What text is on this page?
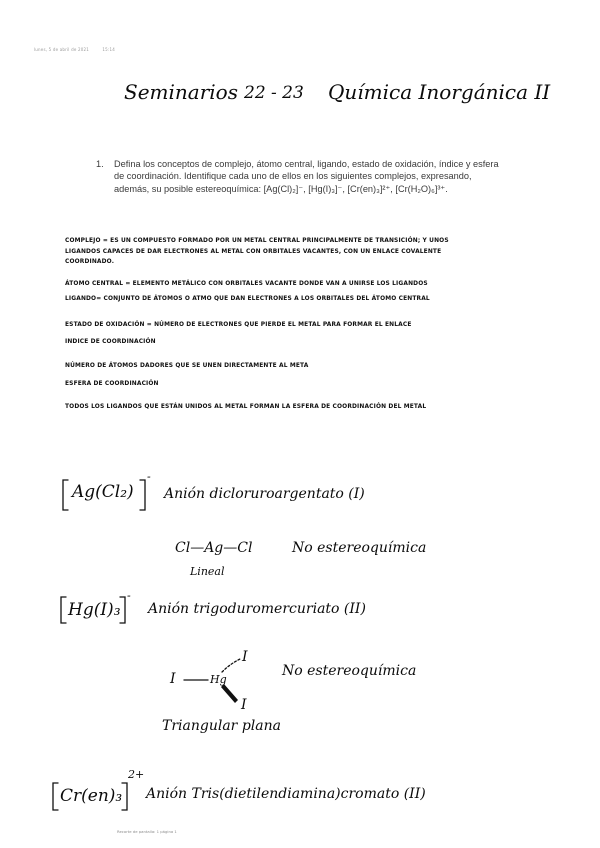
lunes, 5 de abril de 2021	15:14
Seminarios 22 - 23 Química Inorgánica II
1. Defina los conceptos de complejo, átomo central, ligando, estado de oxidación, índice y esfera de coordinación. Identifique cada uno de ellos en los siguientes complejos, expresando, además, su posible estereoquímica: [Ag(Cl)₂]⁻, [Hg(I)₃]⁻, [Cr(en)₃]²⁺, [Cr(H₂O)₆]³⁺.
COMPLEJO = ES UN COMPUESTO FORMADO POR UN METAL CENTRAL PRINCIPALMENTE DE TRANSICIÓN; Y UNOS LIGANDOS CAPACES DE DAR ELECTRONES AL METAL CON ORBITALES VACANTES, CON UN ENLACE COVALENTE COORDINADO.
ÁTOMO CENTRAL = ELEMENTO METÁLICO CON ORBITALES VACANTE DONDE VAN A UNIRSE LOS LIGANDOS
LIGANDO= CONJUNTO DE ÁTOMOS O ATMO QUE DAN ELECTRONES A LOS ORBITALES DEL ÁTOMO CENTRAL
ESTADO DE OXIDACIÓN = NÚMERO DE ELECTRONES QUE PIERDE EL METAL PARA FORMAR EL ENLACE
INDICE DE COORDINACIÓN
NÚMERO DE ÁTOMOS DADORES QUE SE UNEN DIRECTAMENTE AL META
ESFERA DE COORDINACIÓN
TODOS LOS LIGANDOS QUE ESTÁN UNIDOS AL METAL FORMAN LA ESFERA DE COORDINACIÓN DEL METAL
Ag(Cl₂)
-
Anión dicloruroargentato (I)
Cl—Ag—Cl	No estereoquímica
Lineal
Hg(I)₃
-
Anión trigoduromercuriato (II)
I	Hg
I
I
No estereoquímica
Triangular plana
Cr(en)₃
2+
Anión Tris(dietilendiamina)cromato (II)
Recorte de pantalla: 1 página 1
